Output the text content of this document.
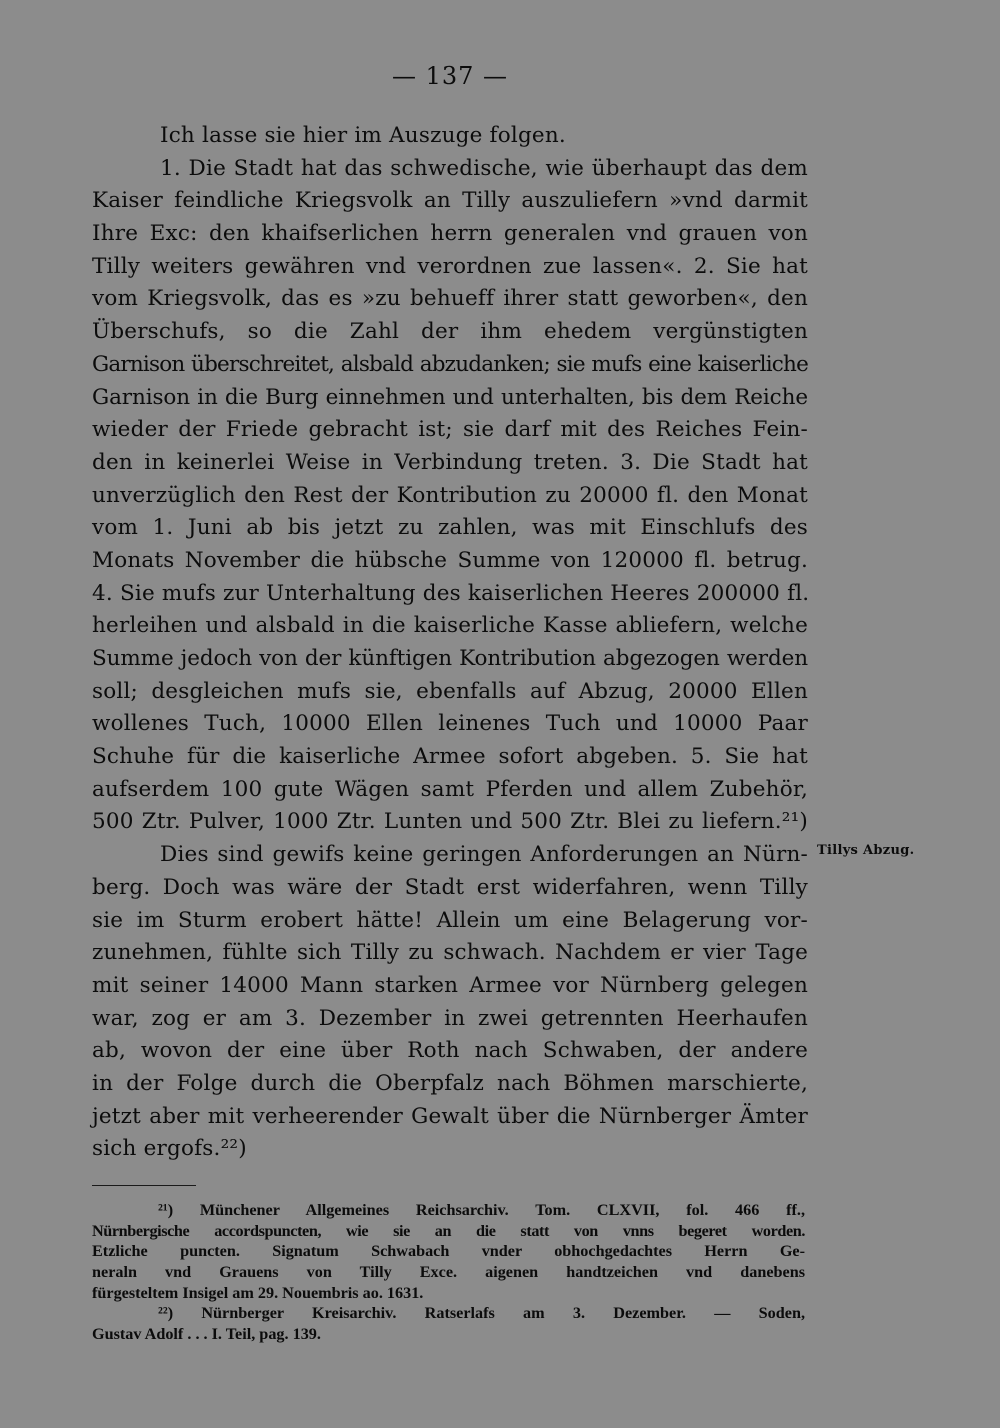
— 137 —
Ich lasse sie hier im Auszuge folgen.
1. Die Stadt hat das schwedische, wie überhaupt das dem
Kaiser feindliche Kriegsvolk an Tilly auszuliefern »vnd darmit
Ihre Exc: den khaifserlichen herrn generalen vnd grauen von
Tilly weiters gewähren vnd verordnen zue lassen«. 2. Sie hat
vom Kriegsvolk, das es »zu behueff ihrer statt geworben«, den
Überschufs, so die Zahl der ihm ehedem vergünstigten
Garnison überschreitet, alsbald abzudanken; sie mufs eine kaiserliche
Garnison in die Burg einnehmen und unterhalten, bis dem Reiche
wieder der Friede gebracht ist; sie darf mit des Reiches Fein-
den in keinerlei Weise in Verbindung treten. 3. Die Stadt hat
unverzüglich den Rest der Kontribution zu 20000 fl. den Monat
vom 1. Juni ab bis jetzt zu zahlen, was mit Einschlufs des
Monats November die hübsche Summe von 120000 fl. betrug.
4. Sie mufs zur Unterhaltung des kaiserlichen Heeres 200000 fl.
herleihen und alsbald in die kaiserliche Kasse abliefern, welche
Summe jedoch von der künftigen Kontribution abgezogen werden
soll; desgleichen mufs sie, ebenfalls auf Abzug, 20000 Ellen
wollenes Tuch, 10000 Ellen leinenes Tuch und 10000 Paar
Schuhe für die kaiserliche Armee sofort abgeben. 5. Sie hat
aufserdem 100 gute Wägen samt Pferden und allem Zubehör,
500 Ztr. Pulver, 1000 Ztr. Lunten und 500 Ztr. Blei zu liefern.²¹)
Dies sind gewifs keine geringen Anforderungen an Nürn-
berg. Doch was wäre der Stadt erst widerfahren, wenn Tilly
sie im Sturm erobert hätte! Allein um eine Belagerung vor-
zunehmen, fühlte sich Tilly zu schwach. Nachdem er vier Tage
mit seiner 14000 Mann starken Armee vor Nürnberg gelegen
war, zog er am 3. Dezember in zwei getrennten Heerhaufen
ab, wovon der eine über Roth nach Schwaben, der andere
in der Folge durch die Oberpfalz nach Böhmen marschierte,
jetzt aber mit verheerender Gewalt über die Nürnberger Ämter
sich ergofs.²²)
Tillys Abzug.
²¹) Münchener Allgemeines Reichsarchiv. Tom. CLXVII, fol. 466 ff.,
Nürnbergische accordspuncten, wie sie an die statt von vnns begeret worden.
Etzliche puncten. Signatum Schwabach vnder obhochgedachtes Herrn Ge-
neraln vnd Grauens von Tilly Exce. aigenen handtzeichen vnd danebens
fürgesteltem Insigel am 29. Nouembris ao. 1631.
²²) Nürnberger Kreisarchiv. Ratserlafs am 3. Dezember. — Soden,
Gustav Adolf . . . I. Teil, pag. 139.
